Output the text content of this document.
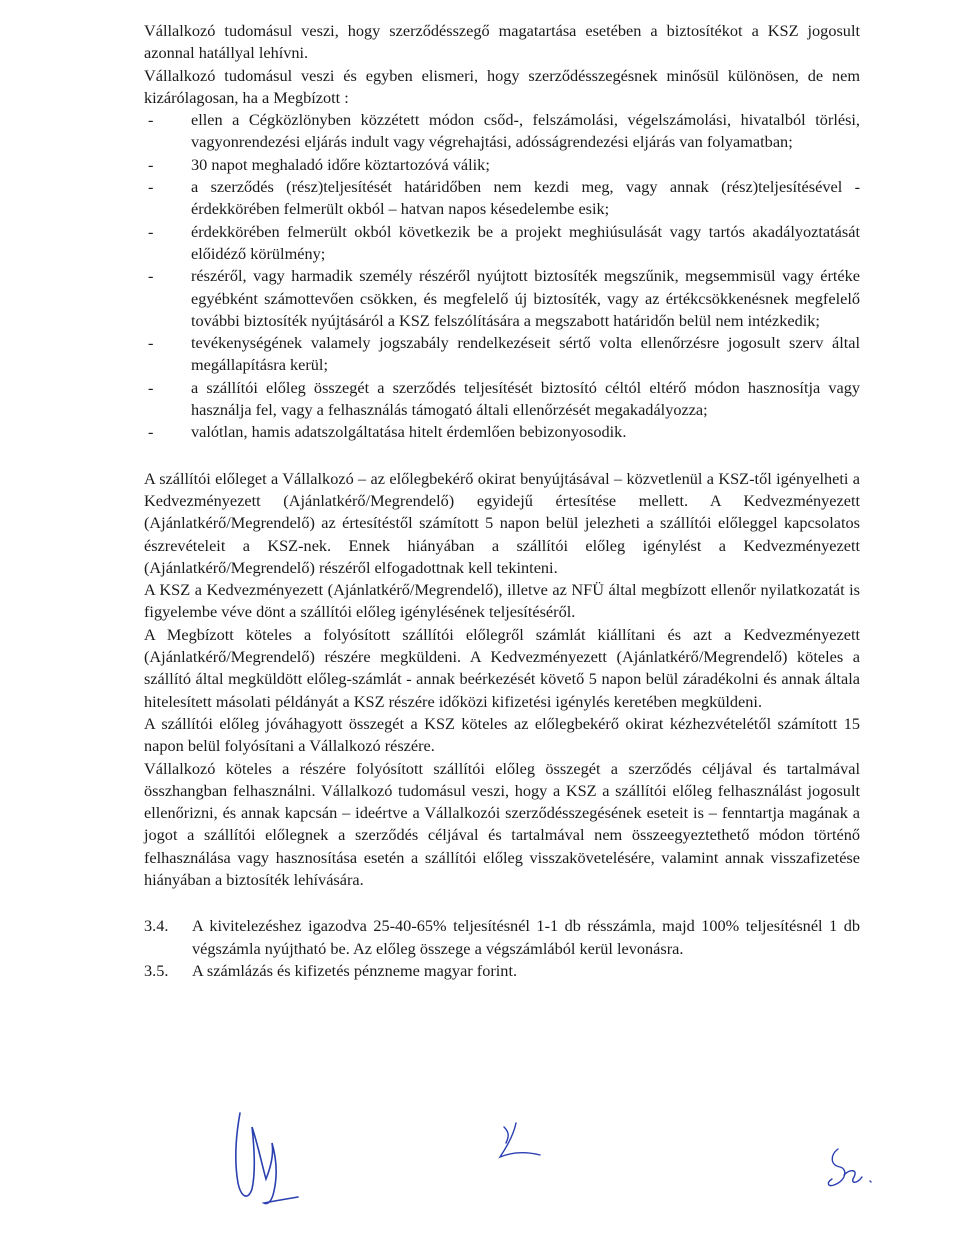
Vállalkozó tudomásul veszi, hogy szerződésszegő magatartása esetében a biztosítékot a KSZ jogosult azonnal hatállyal lehívni.

Vállalkozó tudomásul veszi és egyben elismeri, hogy szerződésszegésnek minősül különösen, de nem kizárólagosan, ha a Megbízott :

- ellen a Cégközlönyben közzétett módon csőd-, felszámolási, végelszámolási, hivatalból törlési, vagyonrendezési eljárás indult vagy végrehajtási, adósságrendezési eljárás van folyamatban;
- 30 napot meghaladó időre köztartozóvá válik;
- a szerződés (rész)teljesítését határidőben nem kezdi meg, vagy annak (rész)teljesítésével - érdekkörében felmerült okból – hatvan napos késedelembe esik;
- érdekkörében felmerült okból következik be a projekt meghiúsulását vagy tartós akadályoztatását előidéző körülmény;
- részéről, vagy harmadik személy részéről nyújtott biztosíték megszűnik, megsemmisül vagy értéke egyébként számottevően csökken, és megfelelő új biztosíték, vagy az értékcsökkenésnek megfelelő további biztosíték nyújtásáról a KSZ felszólítására a megszabott határidőn belül nem intézkedik;
- tevékenységének valamely jogszabály rendelkezéseit sértő volta ellenőrzésre jogosult szerv által megállapításra kerül;
- a szállítói előleg összegét a szerződés teljesítését biztosító céltól eltérő módon hasznosítja vagy használja fel, vagy a felhasználás támogató általi ellenőrzését megakadályozza;
- valótlan, hamis adatszolgáltatása hitelt érdemlően bebizonyosodik.

A szállítói előleget a Vállalkozó – az előlegbekérő okirat benyújtásával – közvetlenül a KSZ-től igényelheti a Kedvezményezett (Ajánlatkérő/Megrendelő) egyidejű értesítése mellett. A Kedvezményezett (Ajánlatkérő/Megrendelő) az értesítéstől számított 5 napon belül jelezheti a szállítói előleggel kapcsolatos észrevételeit a KSZ-nek. Ennek hiányában a szállítói előleg igénylést a Kedvezményezett (Ajánlatkérő/Megrendelő) részéről elfogadottnak kell tekinteni.

A KSZ a Kedvezményezett (Ajánlatkérő/Megrendelő), illetve az NFÜ által megbízott ellenőr nyilatkozatát is figyelembe véve dönt a szállítói előleg igénylésének teljesítéséről.

A Megbízott köteles a folyósított szállítói előlegről számlát kiállítani és azt a Kedvezményezett (Ajánlatkérő/Megrendelő) részére megküldeni. A Kedvezményezett (Ajánlatkérő/Megrendelő) köteles a szállító által megküldött előleg-számlát - annak beérkezését követő 5 napon belül záradékolni és annak általa hitelesített másolati példányát a KSZ részére időközi kifizetési igénylés keretében megküldeni.

A szállítói előleg jóváhagyott összegét a KSZ köteles az előlegbekérő okirat kézhezvételétől számított 15 napon belül folyósítani a Vállalkozó részére.

Vállalkozó köteles a részére folyósított szállítói előleg összegét a szerződés céljával és tartalmával összhangban felhasználni. Vállalkozó tudomásul veszi, hogy a KSZ a szállítói előleg felhasználást jogosult ellenőrizni, és annak kapcsán – ideértve a Vállalkozói szerződésszegésének eseteit is – fenntartja magának a jogot a szállítói előlegnek a szerződés céljával és tartalmával nem összeegyeztethető módon történő felhasználása vagy hasznosítása esetén a szállítói előleg visszakövetelésére, valamint annak visszafizetése hiányában a biztosíték lehívására.

3.4.	A kivitelezéshez igazodva 25-40-65% teljesítésnél 1-1 db résszámla, majd 100% teljesítésnél 1 db végszámla nyújtható be. Az előleg összege a végszámlából kerül levonásra.
3.5.	A számlázás és kifizetés pénzneme magyar forint.
